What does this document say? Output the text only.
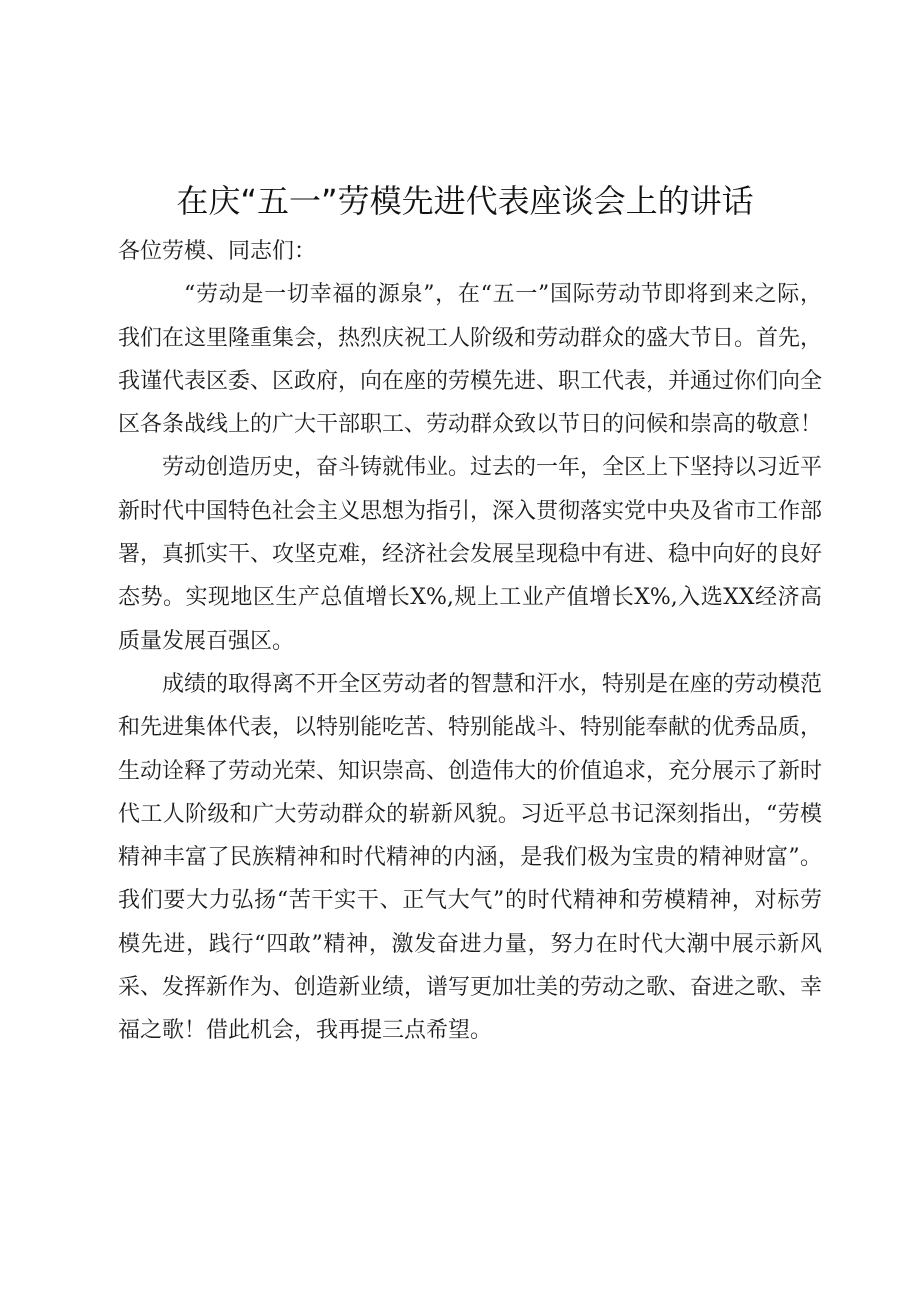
在庆“五一”劳模先进代表座谈会上的讲话

各位劳模、同志们：

“劳动是一切幸福的源泉”，在“五一”国际劳动节即将到来之际，我们在这里隆重集会，热烈庆祝工人阶级和劳动群众的盛大节日。首先，我谨代表区委、区政府，向在座的劳模先进、职工代表，并通过你们向全区各条战线上的广大干部职工、劳动群众致以节日的问候和崇高的敬意！

劳动创造历史，奋斗铸就伟业。过去的一年，全区上下坚持以习近平新时代中国特色社会主义思想为指引，深入贯彻落实党中央及省市工作部署，真抓实干、攻坚克难，经济社会发展呈现稳中有进、稳中向好的良好态势。实现地区生产总值增长X%,规上工业产值增长X%,入选XX经济高质量发展百强区。

成绩的取得离不开全区劳动者的智慧和汗水，特别是在座的劳动模范和先进集体代表，以特别能吃苦、特别能战斗、特别能奉献的优秀品质，生动诠释了劳动光荣、知识崇高、创造伟大的价值追求，充分展示了新时代工人阶级和广大劳动群众的崭新风貌。习近平总书记深刻指出，“劳模精神丰富了民族精神和时代精神的内涵，是我们极为宝贵的精神财富”。我们要大力弘扬“苦干实干、正气大气”的时代精神和劳模精神，对标劳模先进，践行“四敢”精神，激发奋进力量，努力在时代大潮中展示新风采、发挥新作为、创造新业绩，谱写更加壮美的劳动之歌、奋进之歌、幸福之歌！借此机会，我再提三点希望。
